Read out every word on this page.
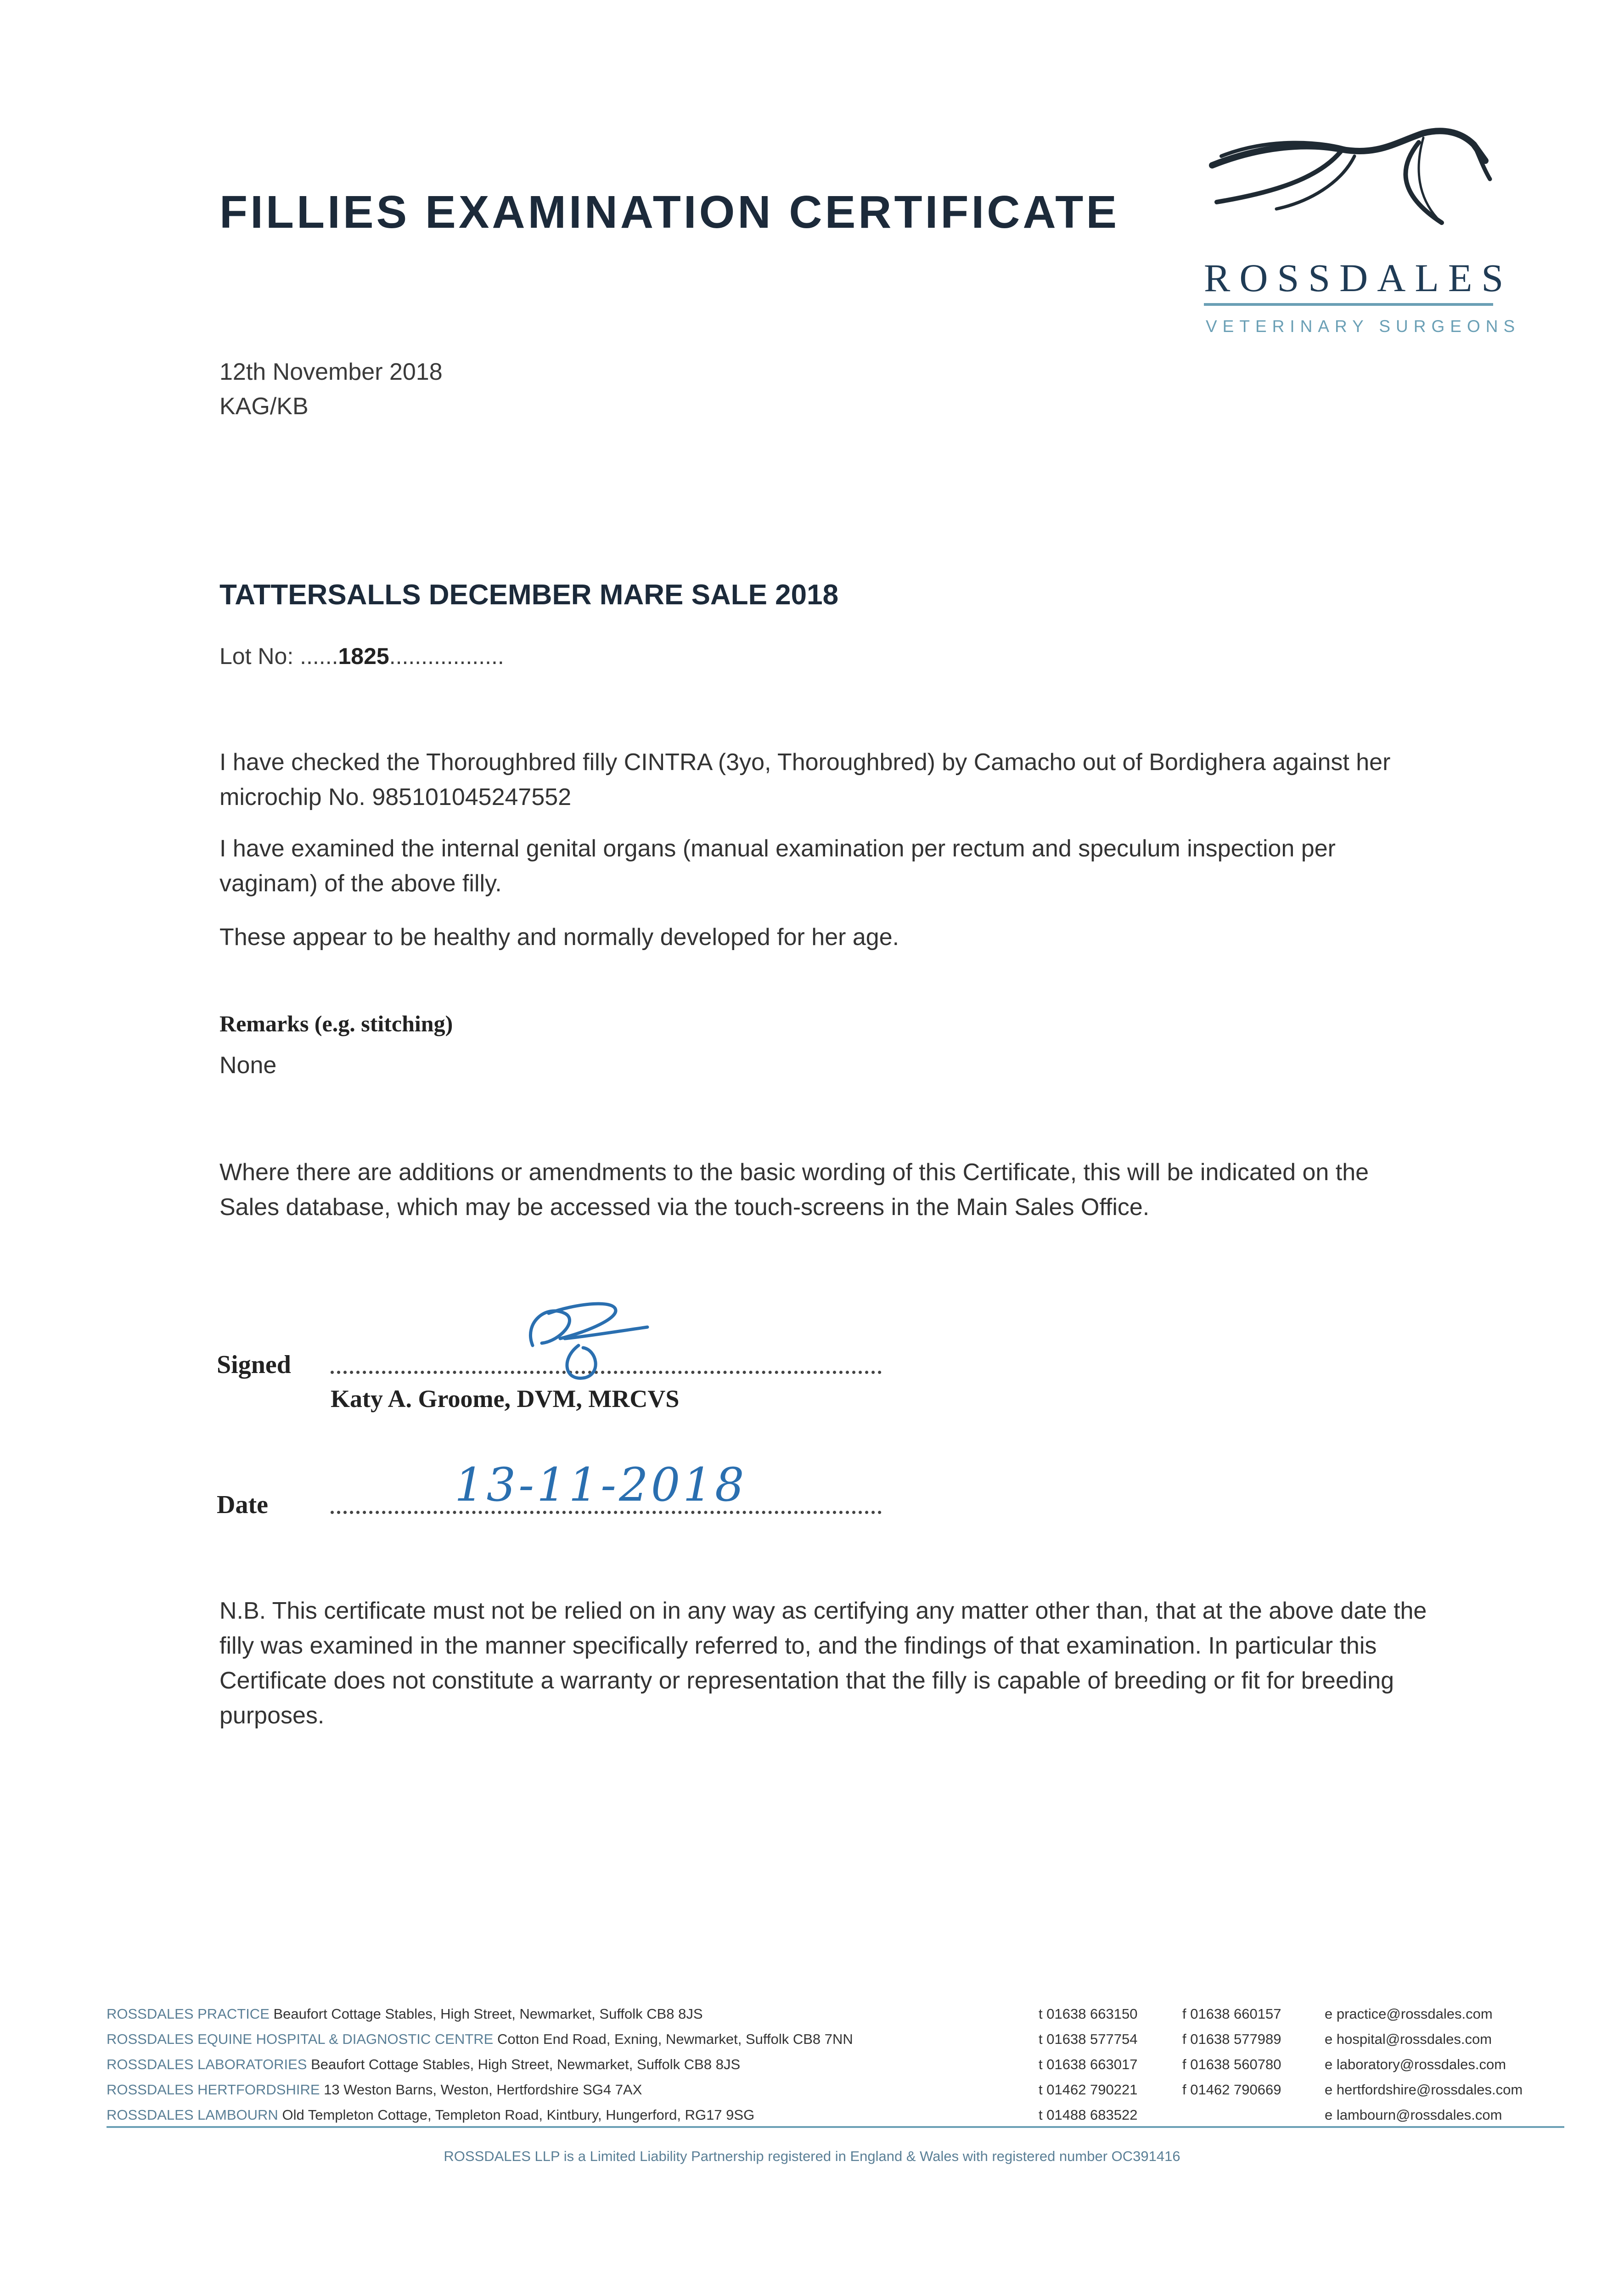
FILLIES EXAMINATION CERTIFICATE
ROSSDALES
VETERINARY SURGEONS
12th November 2018
KAG/KB
TATTERSALLS DECEMBER MARE SALE 2018
Lot No: ......1825..................
I have checked the Thoroughbred filly CINTRA (3yo, Thoroughbred) by Camacho out of Bordighera against her microchip No. 985101045247552
I have examined the internal genital organs (manual examination per rectum and speculum inspection per vaginam) of the above filly.
These appear to be healthy and normally developed for her age.
Remarks (e.g. stitching)
None
Where there are additions or amendments to the basic wording of this Certificate, this will be indicated on the Sales database, which may be accessed via the touch-screens in the Main Sales Office.
Signed
Katy A. Groome, DVM, MRCVS
Date	13-11-2018
N.B. This certificate must not be relied on in any way as certifying any matter other than, that at the above date the filly was examined in the manner specifically referred to, and the findings of that examination. In particular this Certificate does not constitute a warranty or representation that the filly is capable of breeding or fit for breeding purposes.
ROSSDALES PRACTICE Beaufort Cottage Stables, High Street, Newmarket, Suffolk CB8 8JS	t 01638 663150	f 01638 660157	e practice@rossdales.com
ROSSDALES EQUINE HOSPITAL & DIAGNOSTIC CENTRE Cotton End Road, Exning, Newmarket, Suffolk CB8 7NN	t 01638 577754	f 01638 577989	e hospital@rossdales.com
ROSSDALES LABORATORIES Beaufort Cottage Stables, High Street, Newmarket, Suffolk CB8 8JS	t 01638 663017	f 01638 560780	e laboratory@rossdales.com
ROSSDALES HERTFORDSHIRE 13 Weston Barns, Weston, Hertfordshire SG4 7AX	t 01462 790221	f 01462 790669	e hertfordshire@rossdales.com
ROSSDALES LAMBOURN Old Templeton Cottage, Templeton Road, Kintbury, Hungerford, RG17 9SG	t 01488 683522	e lambourn@rossdales.com
ROSSDALES LLP is a Limited Liability Partnership registered in England & Wales with registered number OC391416
